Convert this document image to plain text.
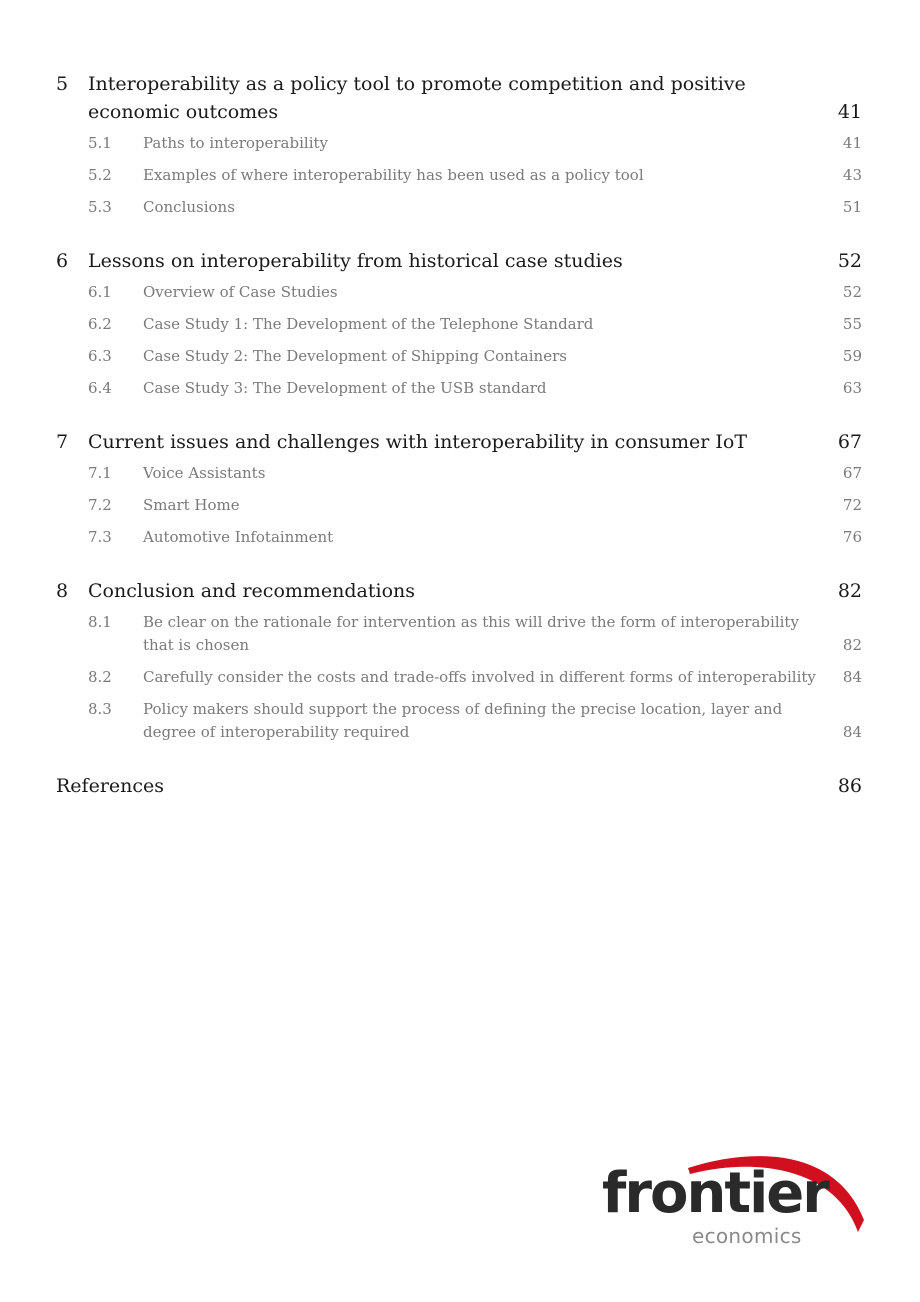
5	Interoperability as a policy tool to promote competition and positive economic outcomes	41
5.1	Paths to interoperability	41
5.2	Examples of where interoperability has been used as a policy tool	43
5.3	Conclusions	51
6	Lessons on interoperability from historical case studies	52
6.1	Overview of Case Studies	52
6.2	Case Study 1: The Development of the Telephone Standard	55
6.3	Case Study 2: The Development of Shipping Containers	59
6.4	Case Study 3: The Development of the USB standard	63
7	Current issues and challenges with interoperability in consumer IoT	67
7.1	Voice Assistants	67
7.2	Smart Home	72
7.3	Automotive Infotainment	76
8	Conclusion and recommendations	82
8.1	Be clear on the rationale for intervention as this will drive the form of interoperability that is chosen	82
8.2	Carefully consider the costs and trade-offs involved in different forms of interoperability	84
8.3	Policy makers should support the process of defining the precise location, layer and degree of interoperability required	84
References	86
frontier
economics
